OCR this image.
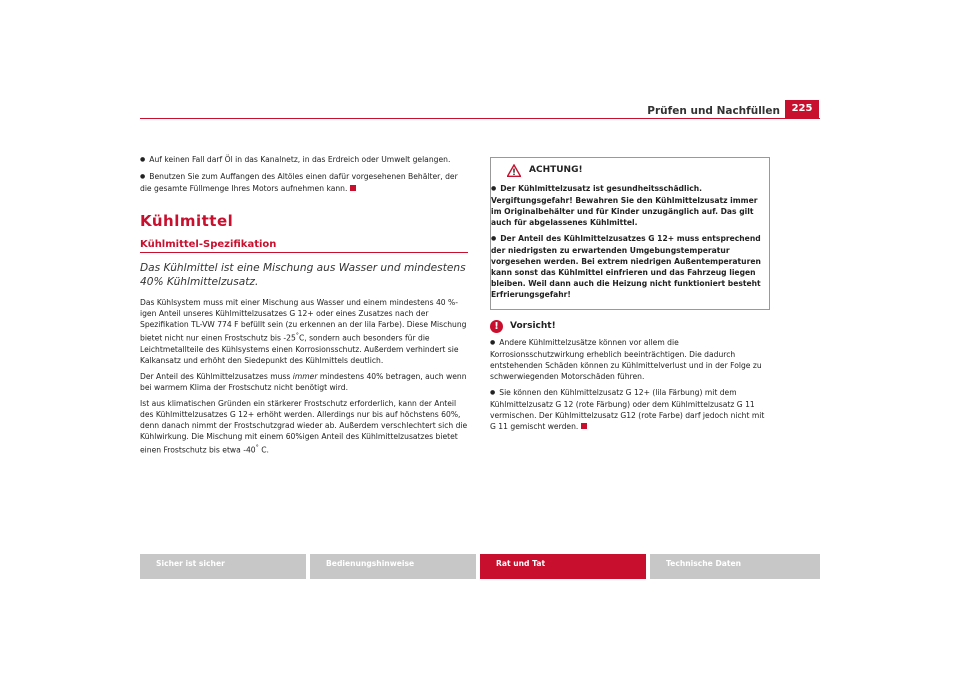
Prüfen und Nachfüllen	225

● Auf keinen Fall darf Öl in das Kanalnetz, in das Erdreich oder Umwelt gelangen.

● Benutzen Sie zum Auffangen des Altöles einen dafür vorgesehenen Behälter, der die gesamte Füllmenge Ihres Motors aufnehmen kann.

Kühlmittel
Kühlmittel-Spezifikation
Das Kühlmittel ist eine Mischung aus Wasser und mindestens 40% Kühlmittelzusatz.

Das Kühlsystem muss mit einer Mischung aus Wasser und einem mindestens 40 %-igen Anteil unseres Kühlmittelzusatzes G 12+ oder eines Zusatzes nach der Spezifikation TL-VW 774 F befüllt sein (zu erkennen an der lila Farbe). Diese Mischung bietet nicht nur einen Frostschutz bis -25°C, sondern auch besonders für die Leichtmetallteile des Kühlsystems einen Korrosionsschutz. Außerdem verhindert sie Kalkansatz und erhöht den Siedepunkt des Kühlmittels deutlich.

Der Anteil des Kühlmittelzusatzes muss immer mindestens 40% betragen, auch wenn bei warmem Klima der Frostschutz nicht benötigt wird.

Ist aus klimatischen Gründen ein stärkerer Frostschutz erforderlich, kann der Anteil des Kühlmittelzusatzes G 12+ erhöht werden. Allerdings nur bis auf höchstens 60%, denn danach nimmt der Frostschutzgrad wieder ab. Außerdem verschlechtert sich die Kühlwirkung. Die Mischung mit einem 60%igen Anteil des Kühlmittelzusatzes bietet einen Frostschutz bis etwa -40° C.

ACHTUNG!

● Der Kühlmittelzusatz ist gesundheitsschädlich. Vergiftungsgefahr! Bewahren Sie den Kühlmittelzusatz immer im Originalbehälter und für Kinder unzugänglich auf. Das gilt auch für abgelassenes Kühlmittel.

● Der Anteil des Kühlmittelzusatzes G 12+ muss entsprechend der niedrigsten zu erwartenden Umgebungstemperatur vorgesehen werden. Bei extrem niedrigen Außentemperaturen kann sonst das Kühlmittel einfrieren und das Fahrzeug liegen bleiben. Weil dann auch die Heizung nicht funktioniert besteht Erfrierungsgefahr!

!	Vorsicht!

● Andere Kühlmittelzusätze können vor allem die Korrosionsschutzwirkung erheblich beeinträchtigen. Die dadurch entstehenden Schäden können zu Kühlmittelverlust und in der Folge zu schwerwiegenden Motorschäden führen.

● Sie können den Kühlmittelzusatz G 12+ (lila Färbung) mit dem Kühlmittelzusatz G 12 (rote Färbung) oder dem Kühlmittelzusatz G 11 vermischen. Der Kühlmittelzusatz G12 (rote Farbe) darf jedoch nicht mit G 11 gemischt werden.

Sicher ist sicher	Bedienungshinweise	Rat und Tat	Technische Daten
